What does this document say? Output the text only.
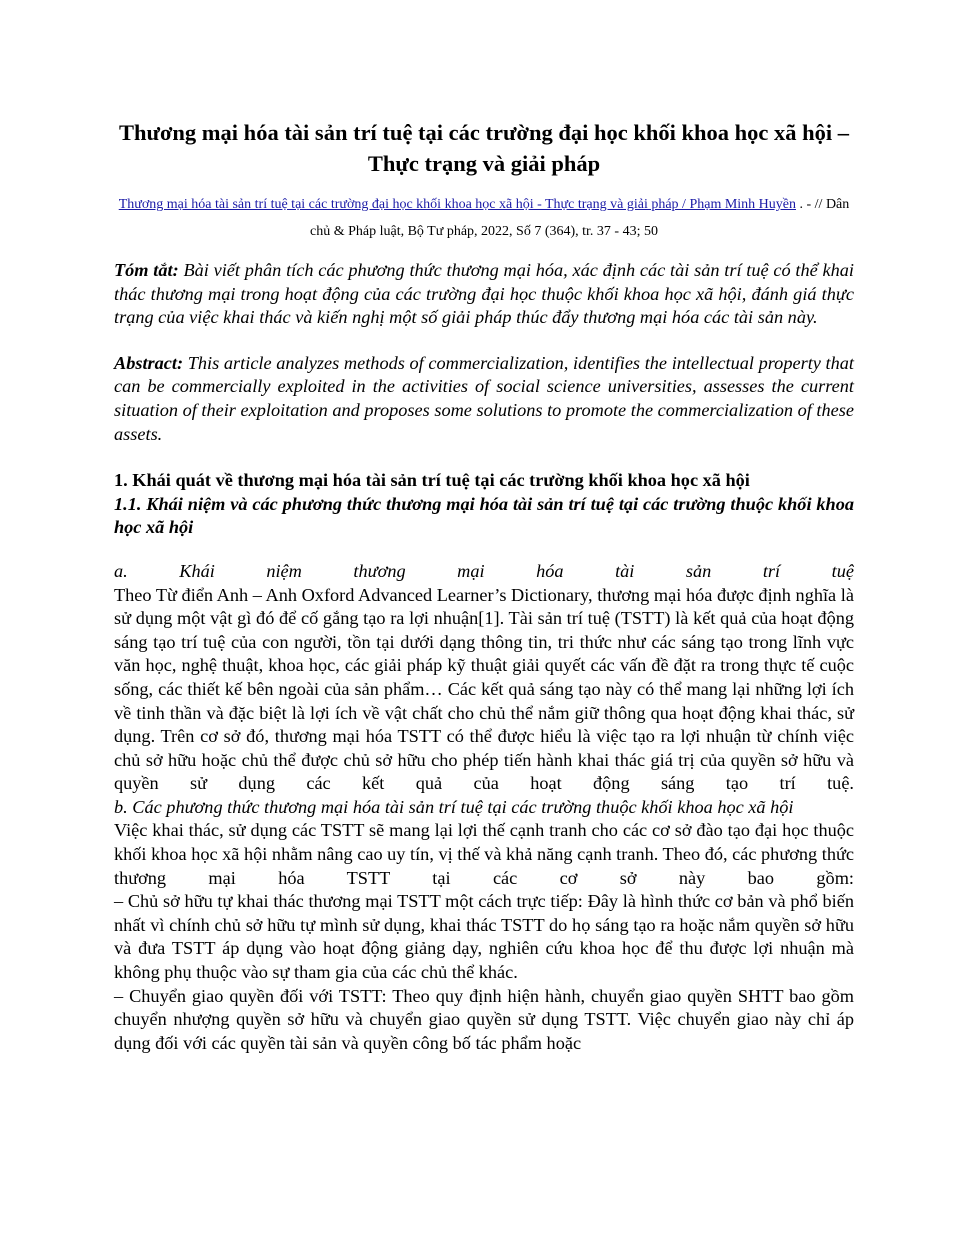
Thương mại hóa tài sản trí tuệ tại các trường đại học khối khoa học xã hội – Thực trạng và giải pháp

Thương mại hóa tài sản trí tuệ tại các trường đại học khối khoa học xã hội - Thực trạng và giải pháp / Phạm Minh Huyền . - // Dân chủ & Pháp luật, Bộ Tư pháp, 2022, Số 7 (364), tr. 37 - 43; 50

Tóm tắt: Bài viết phân tích các phương thức thương mại hóa, xác định các tài sản trí tuệ có thể khai thác thương mại trong hoạt động của các trường đại học thuộc khối khoa học xã hội, đánh giá thực trạng của việc khai thác và kiến nghị một số giải pháp thúc đẩy thương mại hóa các tài sản này.

Abstract: This article analyzes methods of commercialization, identifies the intellectual property that can be commercially exploited in the activities of social science universities, assesses the current situation of their exploitation and proposes some solutions to promote the commercialization of these assets.

1. Khái quát về thương mại hóa tài sản trí tuệ tại các trường khối khoa học xã hội

1.1. Khái niệm và các phương thức thương mại hóa tài sản trí tuệ tại các trường thuộc khối khoa học xã hội

a. Khái niệm thương mại hóa tài sản trí tuệ

Theo Từ điển Anh – Anh Oxford Advanced Learner’s Dictionary, thương mại hóa được định nghĩa là sử dụng một vật gì đó để cố gắng tạo ra lợi nhuận[1]. Tài sản trí tuệ (TSTT) là kết quả của hoạt động sáng tạo trí tuệ của con người, tồn tại dưới dạng thông tin, tri thức như các sáng tạo trong lĩnh vực văn học, nghệ thuật, khoa học, các giải pháp kỹ thuật giải quyết các vấn đề đặt ra trong thực tế cuộc sống, các thiết kế bên ngoài của sản phẩm… Các kết quả sáng tạo này có thể mang lại những lợi ích về tinh thần và đặc biệt là lợi ích về vật chất cho chủ thể nắm giữ thông qua hoạt động khai thác, sử dụng. Trên cơ sở đó, thương mại hóa TSTT có thể được hiểu là việc tạo ra lợi nhuận từ chính việc chủ sở hữu hoặc chủ thể được chủ sở hữu cho phép tiến hành khai thác giá trị của quyền sở hữu và quyền sử dụng các kết quả của hoạt động sáng tạo trí tuệ.

b. Các phương thức thương mại hóa tài sản trí tuệ tại các trường thuộc khối khoa học xã hội

Việc khai thác, sử dụng các TSTT sẽ mang lại lợi thế cạnh tranh cho các cơ sở đào tạo đại học thuộc khối khoa học xã hội nhằm nâng cao uy tín, vị thế và khả năng cạnh tranh. Theo đó, các phương thức thương mại hóa TSTT tại các cơ sở này bao gồm:

– Chủ sở hữu tự khai thác thương mại TSTT một cách trực tiếp: Đây là hình thức cơ bản và phổ biến nhất vì chính chủ sở hữu tự mình sử dụng, khai thác TSTT do họ sáng tạo ra hoặc nắm quyền sở hữu và đưa TSTT áp dụng vào hoạt động giảng dạy, nghiên cứu khoa học để thu được lợi nhuận mà không phụ thuộc vào sự tham gia của các chủ thể khác.

– Chuyển giao quyền đối với TSTT: Theo quy định hiện hành, chuyển giao quyền SHTT bao gồm chuyển nhượng quyền sở hữu và chuyển giao quyền sử dụng TSTT. Việc chuyển giao này chỉ áp dụng đối với các quyền tài sản và quyền công bố tác phẩm hoặc
